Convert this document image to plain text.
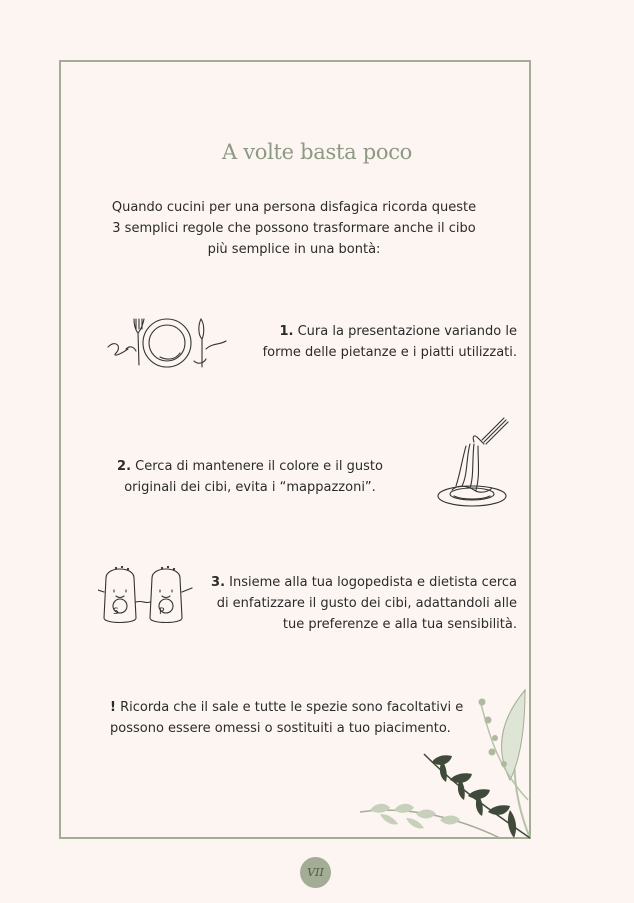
A volte basta poco
Quando cucini per una persona disfagica ricorda queste 3 semplici regole che possono trasformare anche il cibo più semplice in una bontà:
1. Cura la presentazione variando le forme delle pietanze e i piatti utilizzati.
2. Cerca di mantenere il colore e il gusto originali dei cibi, evita i “mappazzoni”.
S	P
3. Insieme alla tua logopedista e dietista cerca di enfatizzare il gusto dei cibi, adattandoli alle tue preferenze e alla tua sensibilità.
! Ricorda che il sale e tutte le spezie sono facoltativi e possono essere omessi o sostituiti a tuo piacimento.
VII
